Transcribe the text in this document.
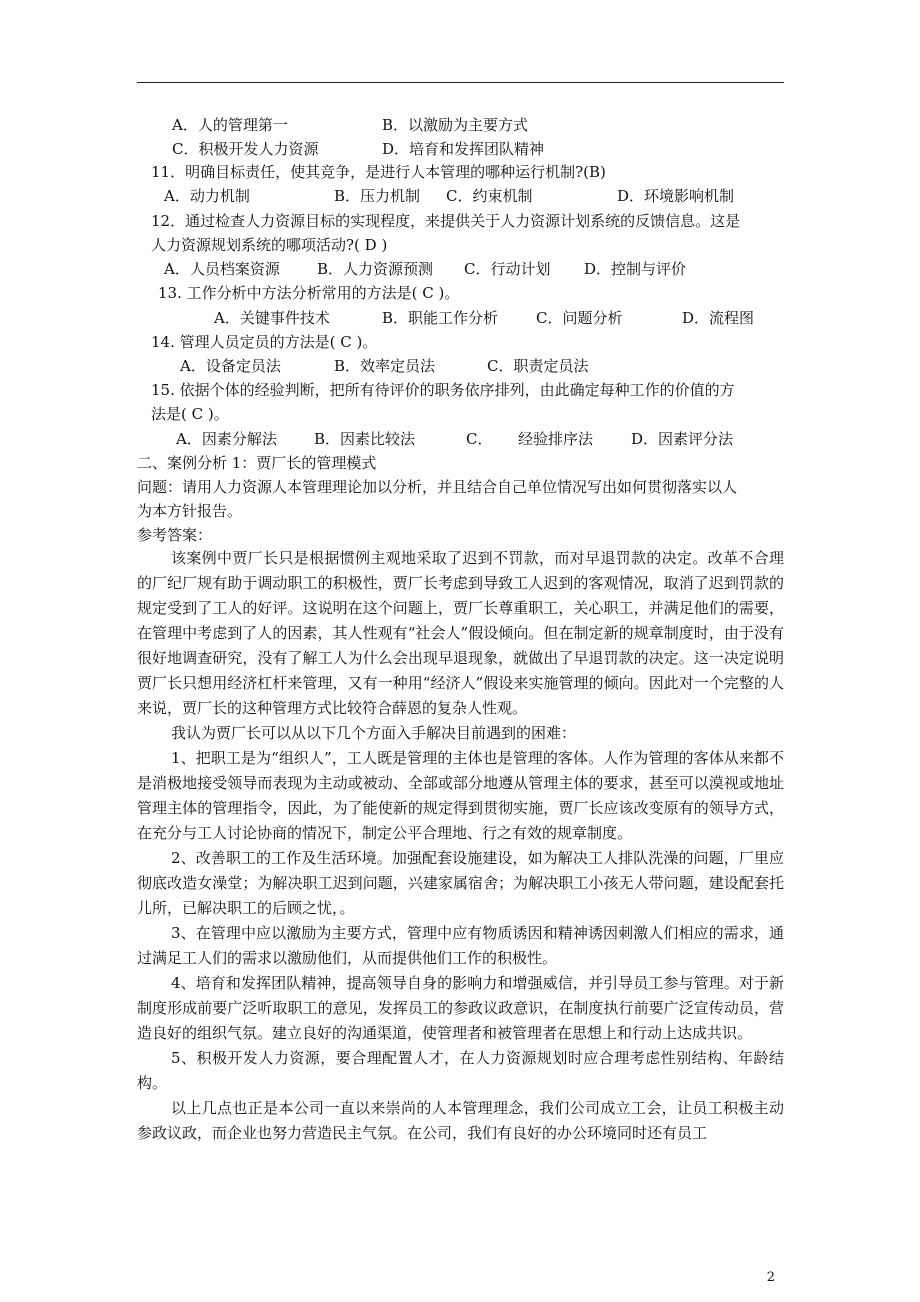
A．人的管理第一	B．以激励为主要方式
C．积极开发人力资源	D．培育和发挥团队精神
11．明确目标责任，使其竞争，是进行人本管理的哪种运行机制?(B)
A．动力机制	B．压力机制 C．约束机制	D．环境影响机制
12．通过检查人力资源目标的实现程度，来提供关于人力资源计划系统的反馈信息。这是
人力资源规划系统的哪项活动?( D )
A．人员档案资源 B．人力资源预测 C．行动计划 D．控制与评价
13. 工作分析中方法分析常用的方法是( C )。
A．关键事件技术	B．职能工作分析	C．问题分析	D．流程图
14. 管理人员定员的方法是( C )。
A．设备定员法	B．效率定员法	C．职责定员法
15. 依据个体的经验判断，把所有待评价的职务依序排列，由此确定每种工作的价值的方
法是( C )。
A．因素分解法 B．因素比较法	C． 经验排序法	D．因素评分法
二、案例分析 1：贾厂长的管理模式
问题：请用人力资源人本管理理论加以分析，并且结合自己单位情况写出如何贯彻落实以人
为本方针报告。
参考答案：

该案例中贾厂长只是根据惯例主观地采取了迟到不罚款，而对早退罚款的决定。改革不合理的厂纪厂规有助于调动职工的积极性，贾厂长考虑到导致工人迟到的客观情况，取消了迟到罚款的规定受到了工人的好评。这说明在这个问题上，贾厂长尊重职工，关心职工，并满足他们的需要，在管理中考虑到了人的因素，其人性观有“社会人”假设倾向。但在制定新的规章制度时，由于没有很好地调查研究，没有了解工人为什么会出现早退现象，就做出了早退罚款的决定。这一决定说明贾厂长只想用经济杠杆来管理，又有一种用“经济人”假设来实施管理的倾向。因此对一个完整的人来说，贾厂长的这种管理方式比较符合薛恩的复杂人性观。

我认为贾厂长可以从以下几个方面入手解决目前遇到的困难：

1、把职工是为“组织人”，工人既是管理的主体也是管理的客体。人作为管理的客体从来都不是消极地接受领导而表现为主动或被动、全部或部分地遵从管理主体的要求，甚至可以漠视或地址管理主体的管理指令，因此，为了能使新的规定得到贯彻实施，贾厂长应该改变原有的领导方式，在充分与工人讨论协商的情况下，制定公平合理地、行之有效的规章制度。

2、改善职工的工作及生活环境。加强配套设施建设，如为解决工人排队洗澡的问题，厂里应彻底改造女澡堂；为解决职工迟到问题，兴建家属宿舍；为解决职工小孩无人带问题，建设配套托儿所，已解决职工的后顾之忧，。

3、在管理中应以激励为主要方式，管理中应有物质诱因和精神诱因刺激人们相应的需求，通过满足工人们的需求以激励他们，从而提供他们工作的积极性。

4、培育和发挥团队精神，提高领导自身的影响力和增强威信，并引导员工参与管理。对于新制度形成前要广泛听取职工的意见，发挥员工的参政议政意识，在制度执行前要广泛宣传动员，营造良好的组织气氛。建立良好的沟通渠道，使管理者和被管理者在思想上和行动上达成共识。

5、积极开发人力资源，要合理配置人才，在人力资源规划时应合理考虑性别结构、年龄结构。

以上几点也正是本公司一直以来崇尚的人本管理理念，我们公司成立工会，让员工积极主动参政议政，而企业也努力营造民主气氛。在公司，我们有良好的办公环境同时还有员工

2
